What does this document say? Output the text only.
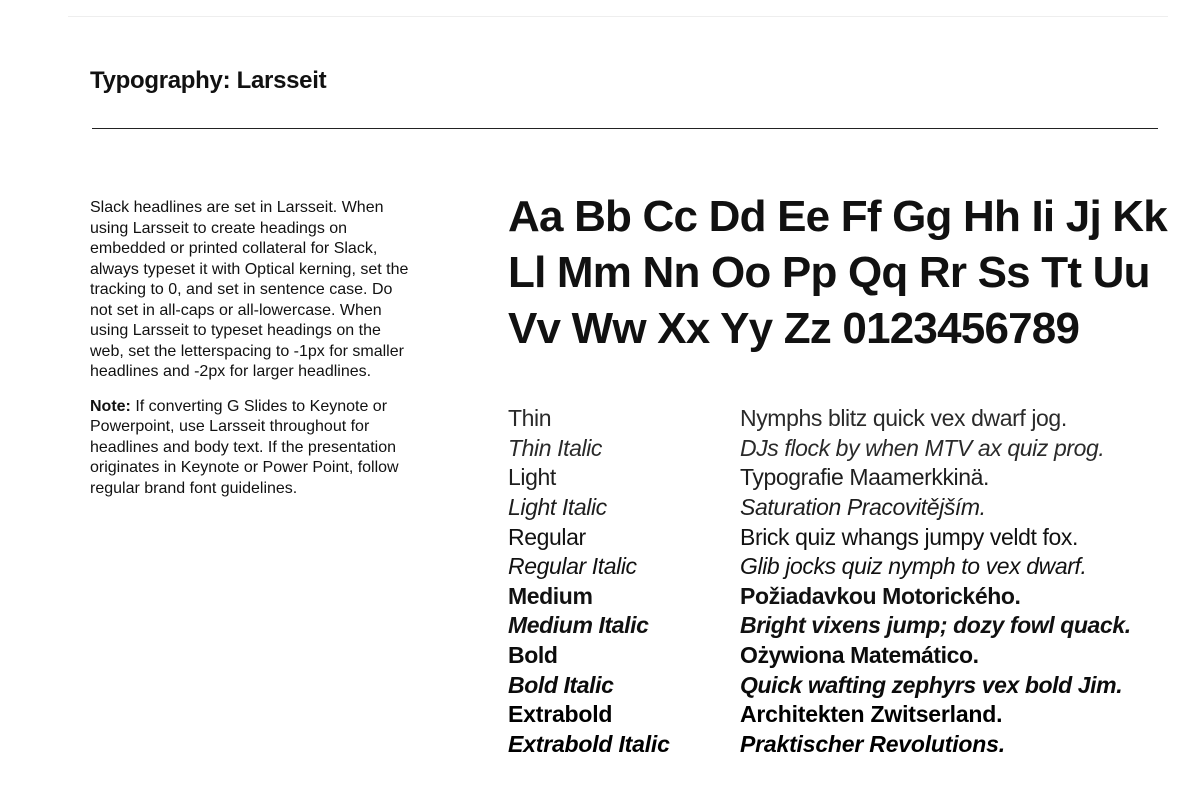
Typography: Larsseit

Slack headlines are set in Larsseit. When using Larsseit to create headings on embedded or printed collateral for Slack, always typeset it with Optical kerning, set the tracking to 0, and set in sentence case. Do not set in all-caps or all-lowercase. When using Larsseit to typeset headings on the web, set the letterspacing to -1px for smaller headlines and -2px for larger headlines.

Note: If converting G Slides to Keynote or Powerpoint, use Larsseit throughout for headlines and body text. If the presentation originates in Keynote or Power Point, follow regular brand font guidelines.

Aa Bb Cc Dd Ee Ff Gg Hh Ii Jj Kk
Ll Mm Nn Oo Pp Qq Rr Ss Tt Uu
Vv Ww Xx Yy Zz 0123456789
Thin	Nymphs blitz quick vex dwarf jog.
Thin Italic	DJs flock by when MTV ax quiz prog.
Light	Typografie Maamerkkinä.
Light Italic	Saturation Pracovitějším.
Regular	Brick quiz whangs jumpy veldt fox.
Regular Italic	Glib jocks quiz nymph to vex dwarf.
Medium	Požiadavkou Motorického.
Medium Italic	Bright vixens jump; dozy fowl quack.
Bold	Ożywiona Matemático.
Bold Italic	Quick wafting zephyrs vex bold Jim.
Extrabold	Architekten Zwitserland.
Extrabold Italic	Praktischer Revolutions.
